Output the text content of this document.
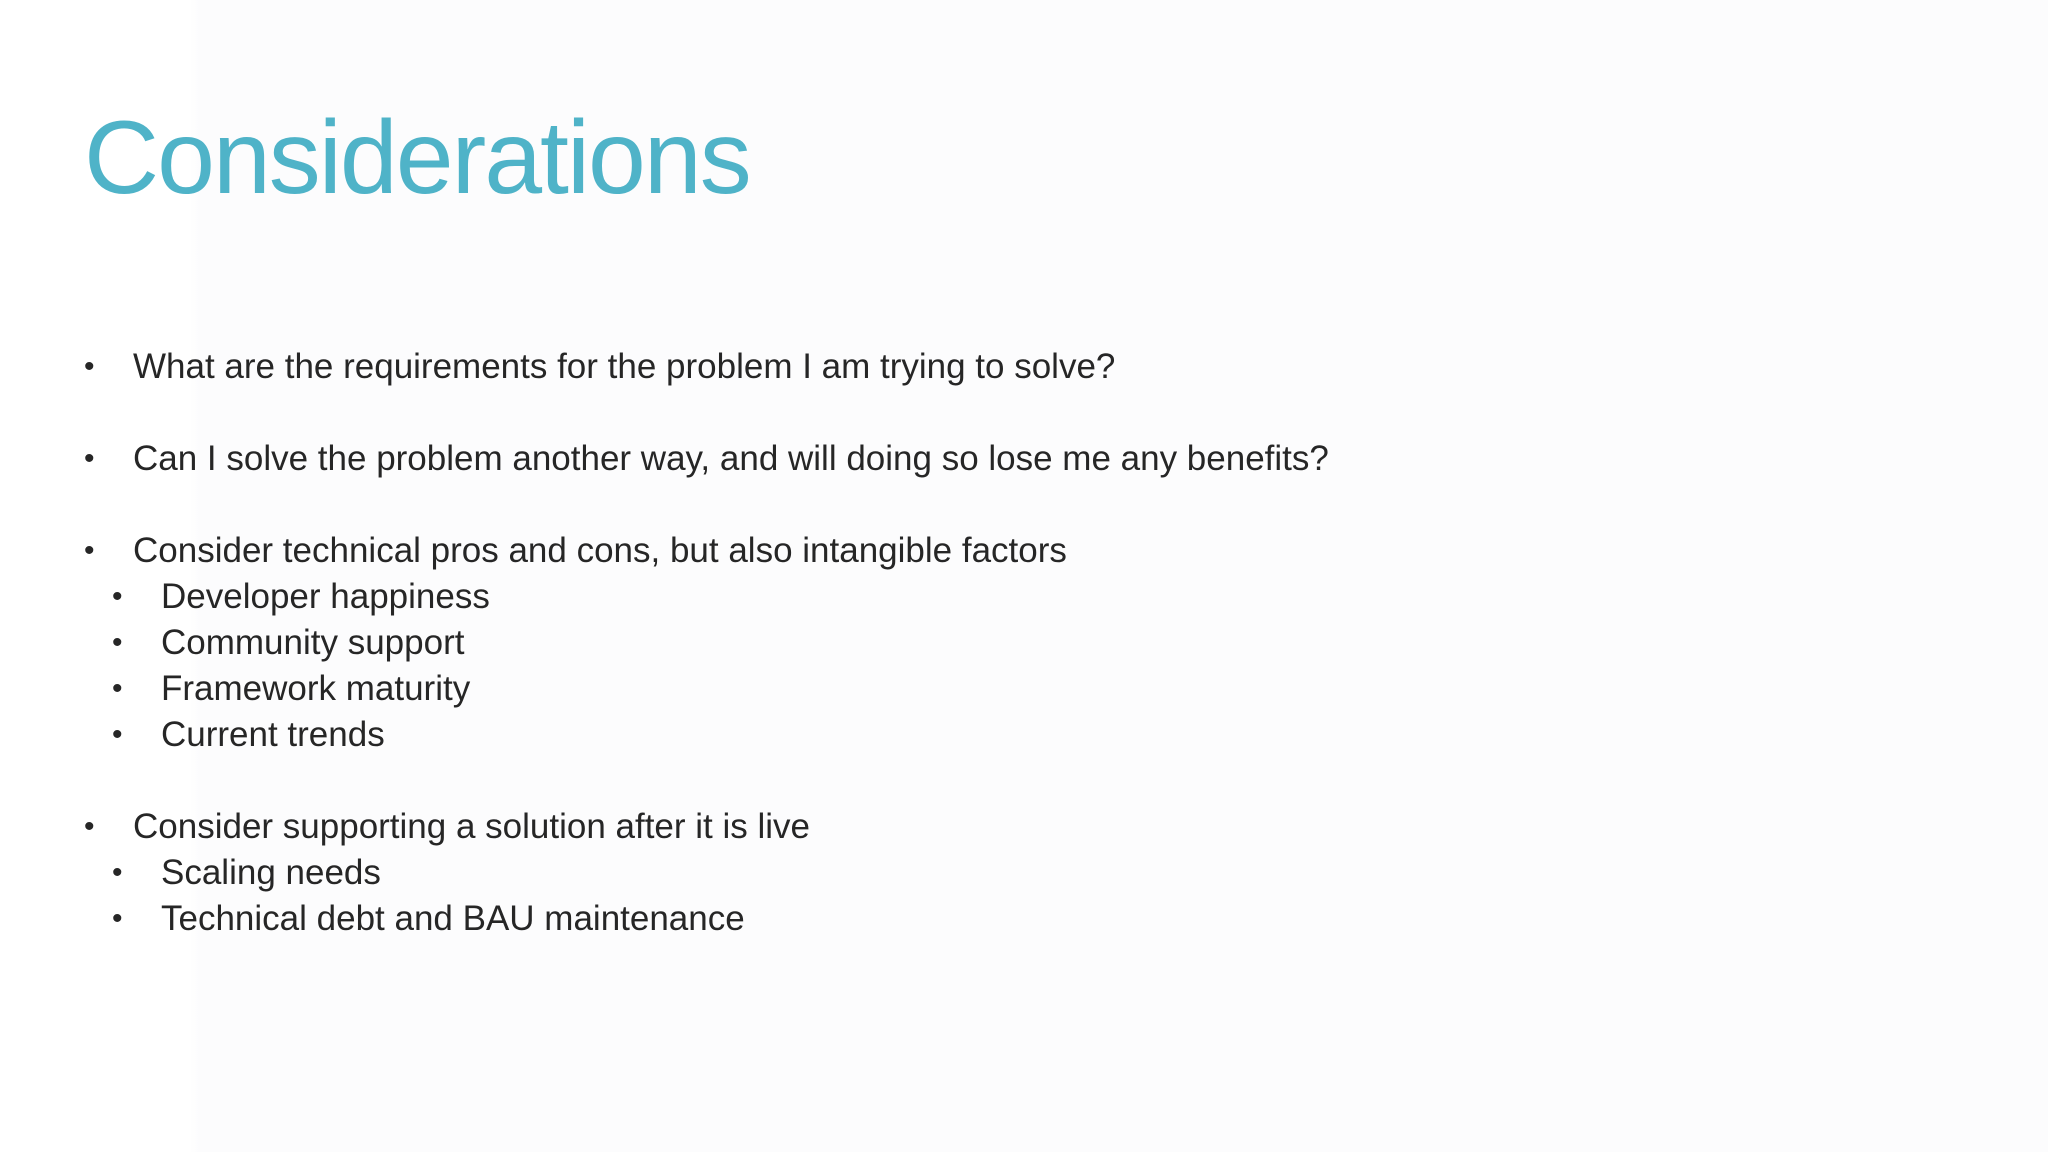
Considerations
• What are the requirements for the problem I am trying to solve?
• Can I solve the problem another way, and will doing so lose me any benefits?
• Consider technical pros and cons, but also intangible factors
• Developer happiness
• Community support
• Framework maturity
• Current trends
• Consider supporting a solution after it is live
• Scaling needs
• Technical debt and BAU maintenance
